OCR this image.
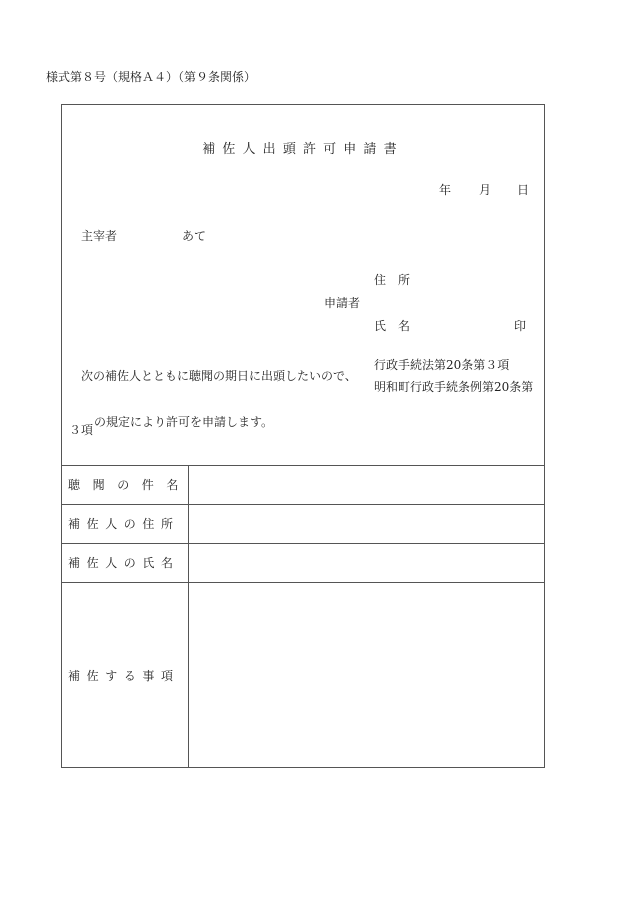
様式第８号（規格Ａ４）（第９条関係）
補佐人出頭許可申請書
年 月 日
主宰者	あて
住　所
申請者
氏　名	印
次の補佐人とともに聴聞の期日に出頭したいので、
行政手続法第20条第３項
明和町行政手続条例第20条第
３項
の規定により許可を申請します。
聴聞の件名
補佐人の住所
補佐人の氏名
補佐する事項
